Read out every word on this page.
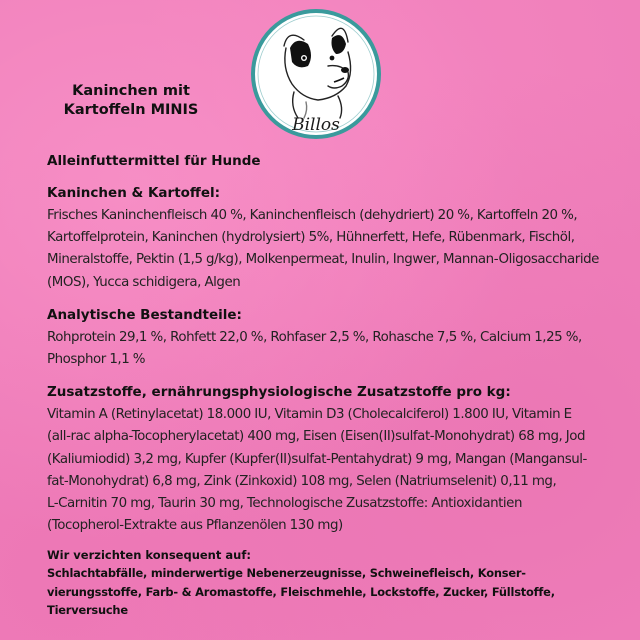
Kaninchen mit
Kartoffeln MINIS
Billos
Alleinfuttermittel für Hunde
Kaninchen & Kartoffel:
Frisches Kaninchenfleisch 40 %, Kaninchenfleisch (dehydriert) 20 %, Kartoffeln 20 %,
Kartoffelprotein, Kaninchen (hydrolysiert) 5%, Hühnerfett, Hefe, Rübenmark, Fischöl,
Mineralstoffe, Pektin (1,5 g/kg), Molkenpermeat, Inulin, Ingwer, Mannan-Oligosaccharide
(MOS), Yucca schidigera, Algen
Analytische Bestandteile:
Rohprotein 29,1 %, Rohfett 22,0 %, Rohfaser 2,5 %, Rohasche 7,5 %, Calcium 1,25 %,
Phosphor 1,1 %
Zusatzstoffe, ernährungsphysiologische Zusatzstoffe pro kg:
Vitamin A (Retinylacetat) 18.000 IU, Vitamin D3 (Cholecalciferol) 1.800 IU, Vitamin E
(all-rac alpha-Tocopherylacetat) 400 mg, Eisen (Eisen(II)sulfat-Monohydrat) 68 mg, Jod
(Kaliumiodid) 3,2 mg, Kupfer (Kupfer(II)sulfat-Pentahydrat) 9 mg, Mangan (Mangansul-
fat-Monohydrat) 6,8 mg, Zink (Zinkoxid) 108 mg, Selen (Natriumselenit) 0,11 mg,
L-Carnitin 70 mg, Taurin 30 mg, Technologische Zusatzstoffe: Antioxidantien
(Tocopherol-Extrakte aus Pflanzenölen 130 mg)
Wir verzichten konsequent auf:
Schlachtabfälle, minderwertige Nebenerzeugnisse, Schweinefleisch, Konser-
vierungsstoffe, Farb- & Aromastoffe, Fleischmehle, Lockstoffe, Zucker, Füllstoffe,
Tierversuche
